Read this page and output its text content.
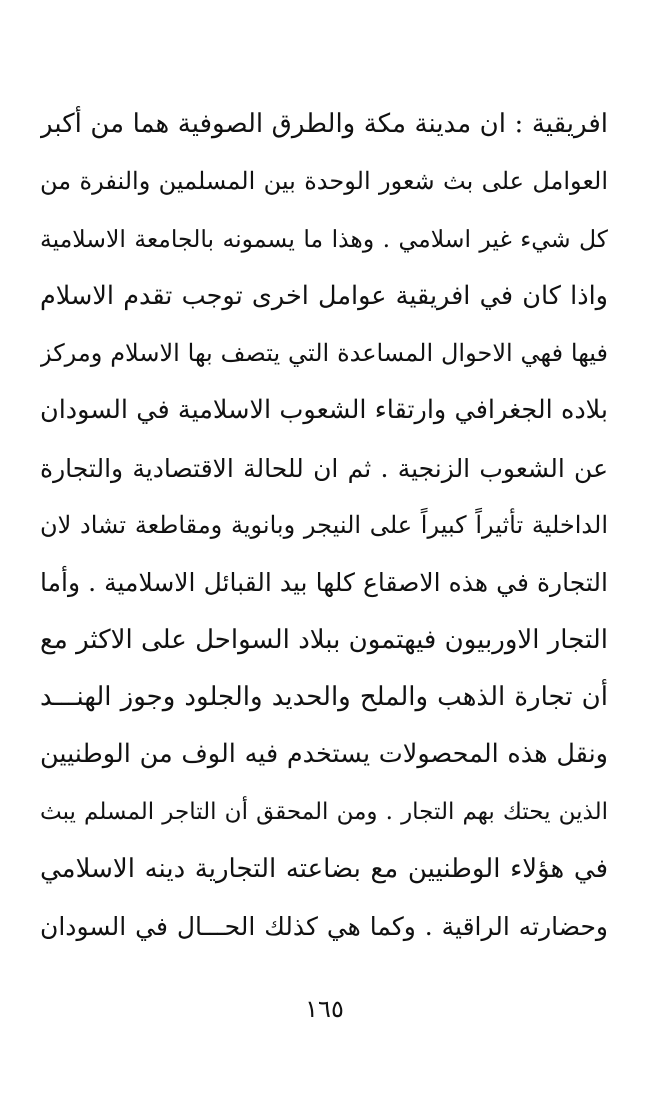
افريقية : ان مدينة مكة والطرق الصوفية هما من أكبر
العوامل على بث شعور الوحدة بين المسلمين والنفرة من
كل شيء غير اسلامي . وهذا ما يسمونه بالجامعة الاسلامية
واذا كان في افريقية عوامل اخرى توجب تقدم الاسلام
فيها فهي الاحوال المساعدة التي يتصف بها الاسلام ومركز
بلاده الجغرافي وارتقاء الشعوب الاسلامية في السودان
عن الشعوب الزنجية . ثم ان للحالة الاقتصادية والتجارة
الداخلية تأثيراً كبيراً على النيجر وبانوية ومقاطعة تشاد لان
التجارة في هذه الاصقاع كلها بيد القبائل الاسلامية . وأما
التجار الاوربيون فيهتمون ببلاد السواحل على الاكثر مع
أن تجارة الذهب والملح والحديد والجلود وجوز الهنـــد
ونقل هذه المحصولات يستخدم فيه الوف من الوطنيين
الذين يحتك بهم التجار . ومن المحقق أن التاجر المسلم يبث
في هؤلاء الوطنيين مع بضاعته التجارية دينه الاسلامي
وحضارته الراقية . وكما هي كذلك الحـــال في السودان
١٦٥
